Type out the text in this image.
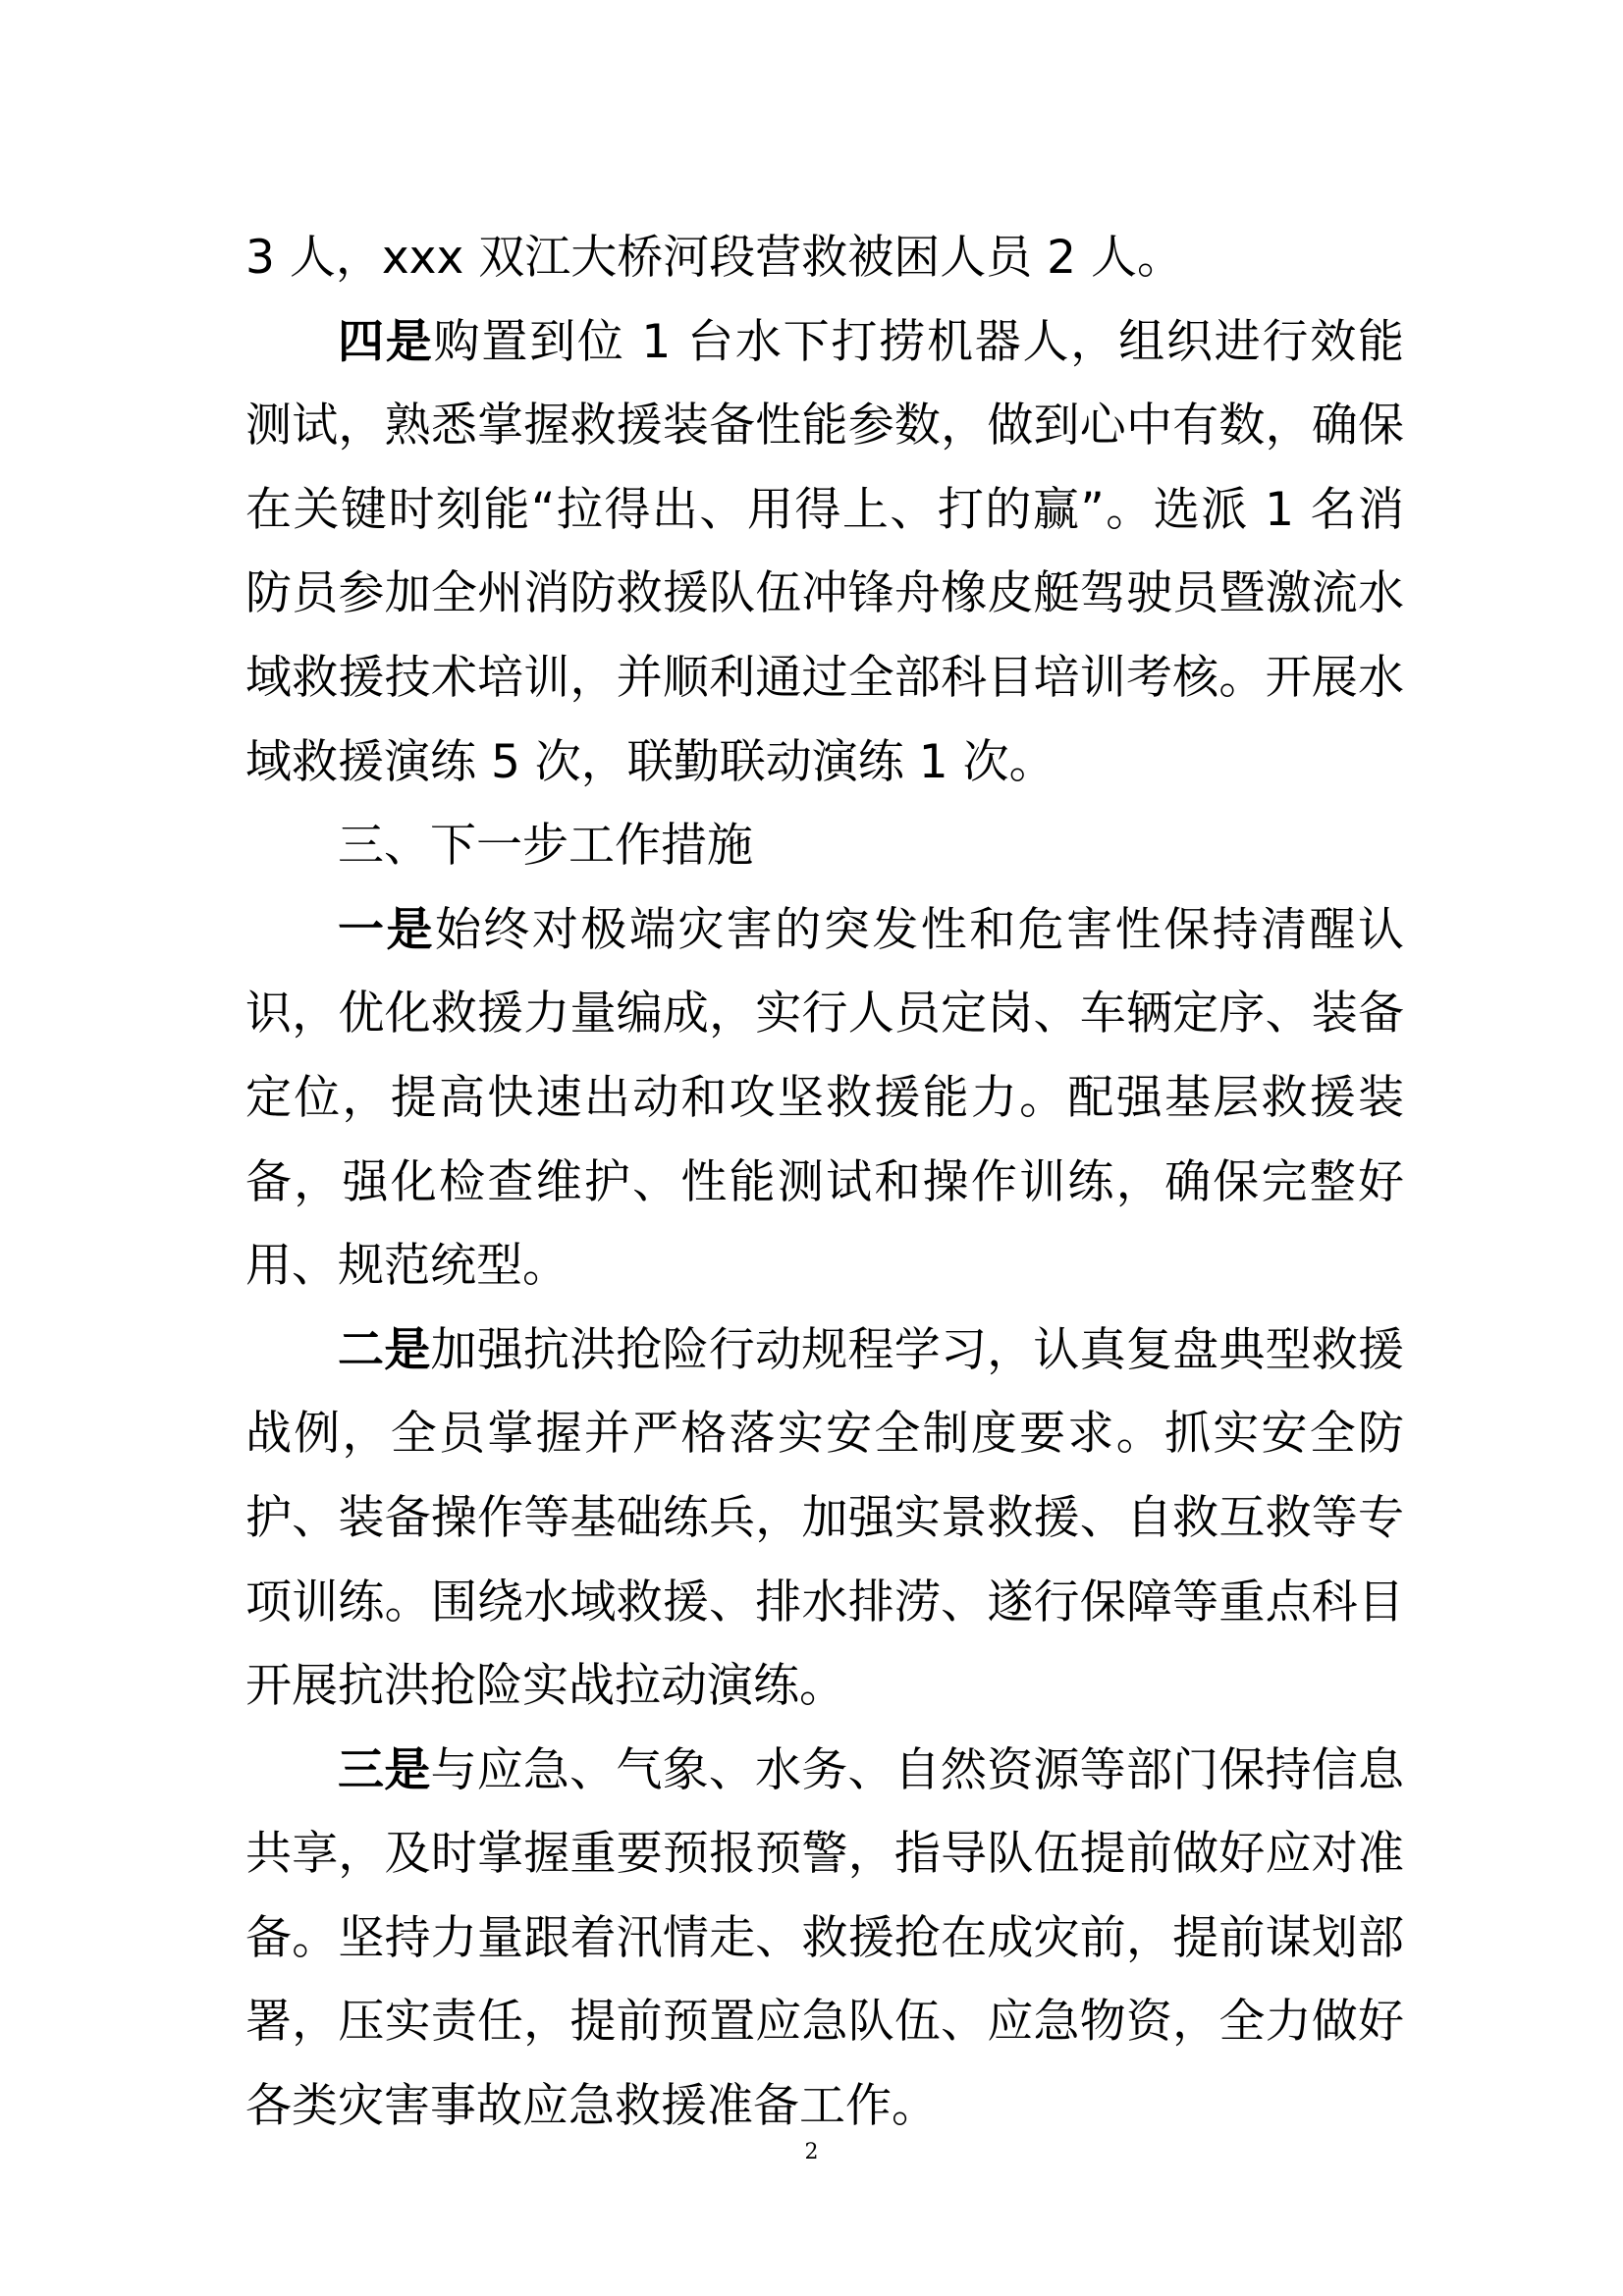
3 人，xxx 双江大桥河段营救被困人员 2 人。

四是购置到位 1 台水下打捞机器人，组织进行效能测试，熟悉掌握救援装备性能参数，做到心中有数，确保在关键时刻能“拉得出、用得上、打的赢”。选派 1 名消防员参加全州消防救援队伍冲锋舟橡皮艇驾驶员暨激流水域救援技术培训，并顺利通过全部科目培训考核。开展水域救援演练 5 次，联勤联动演练 1 次。

三、下一步工作措施

一是始终对极端灾害的突发性和危害性保持清醒认识，优化救援力量编成，实行人员定岗、车辆定序、装备定位，提高快速出动和攻坚救援能力。配强基层救援装备，强化检查维护、性能测试和操作训练，确保完整好用、规范统型。

二是加强抗洪抢险行动规程学习，认真复盘典型救援战例，全员掌握并严格落实安全制度要求。抓实安全防护、装备操作等基础练兵，加强实景救援、自救互救等专项训练。围绕水域救援、排水排涝、遂行保障等重点科目开展抗洪抢险实战拉动演练。

三是与应急、气象、水务、自然资源等部门保持信息共享，及时掌握重要预报预警，指导队伍提前做好应对准备。坚持力量跟着汛情走、救援抢在成灾前，提前谋划部署，压实责任，提前预置应急队伍、应急物资，全力做好各类灾害事故应急救援准备工作。

2
